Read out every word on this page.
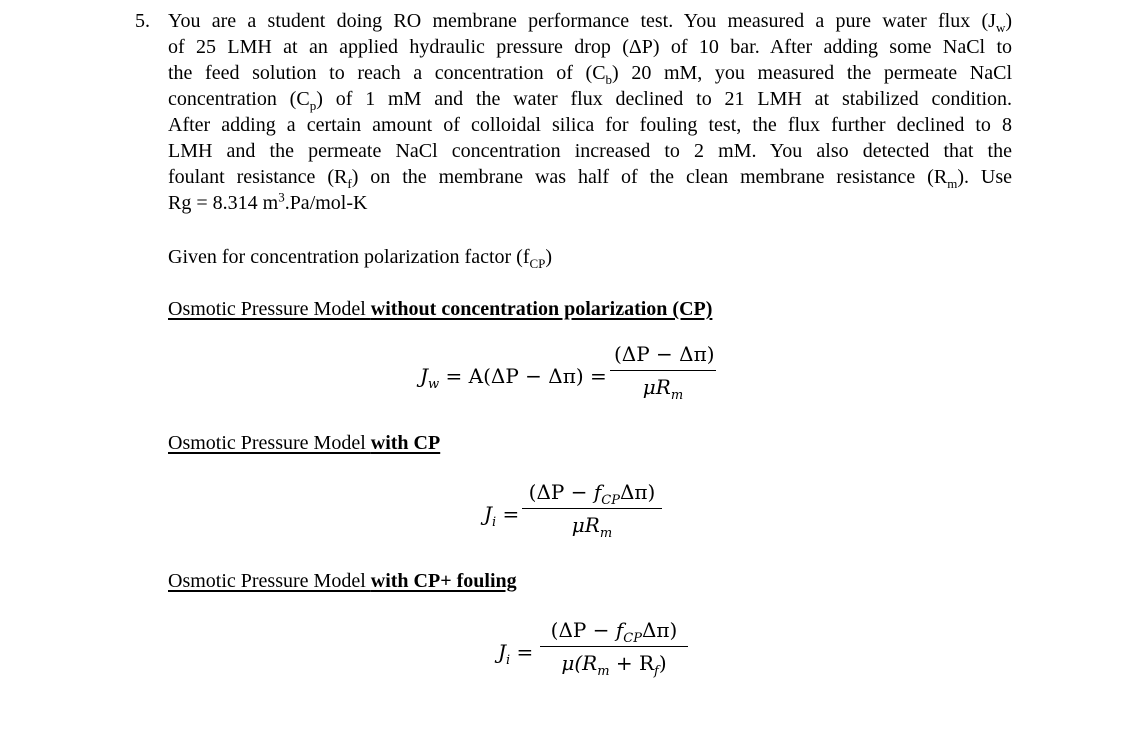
5. You are a student doing RO membrane performance test. You measured a pure water flux $(J_w)$
of 25 LMH at an applied hydraulic pressure drop (ΔP) of 10 bar. After adding some NaCl to
the feed solution to reach a concentration of $(C_b)$ 20 mM, you measured the permeate NaCl
concentration $(C_p)$ of 1 mM and the water flux declined to 21 LMH at stabilized condition.
After adding a certain amount of colloidal silica for fouling test, the flux further declined to 8
LMH and the permeate NaCl concentration increased to 2 mM. You also detected that the
foulant resistance $(R_f)$ on the membrane was half of the clean membrane resistance $(R_m)$. Use
Rg = 8.314 $m^3.Pa/mol-K$
Given for concentration polarization factor $(f_{CP})$
Osmotic Pressure Model without concentration polarization (CP)
$J_w = A(\Delta P - \Delta\pi)$ =
(ΔP − Δπ)
$\mu R_m$
Osmotic Pressure Model with CP
$J_i$ =
$(\Delta P - f_{CP}\Delta\pi)$
$\mu R_m$
Osmotic Pressure Model with CP+ fouling
$J_i$ =
$(\Delta P - f_{CP}\Delta\pi)$
$\mu(R_m + R_f)$
